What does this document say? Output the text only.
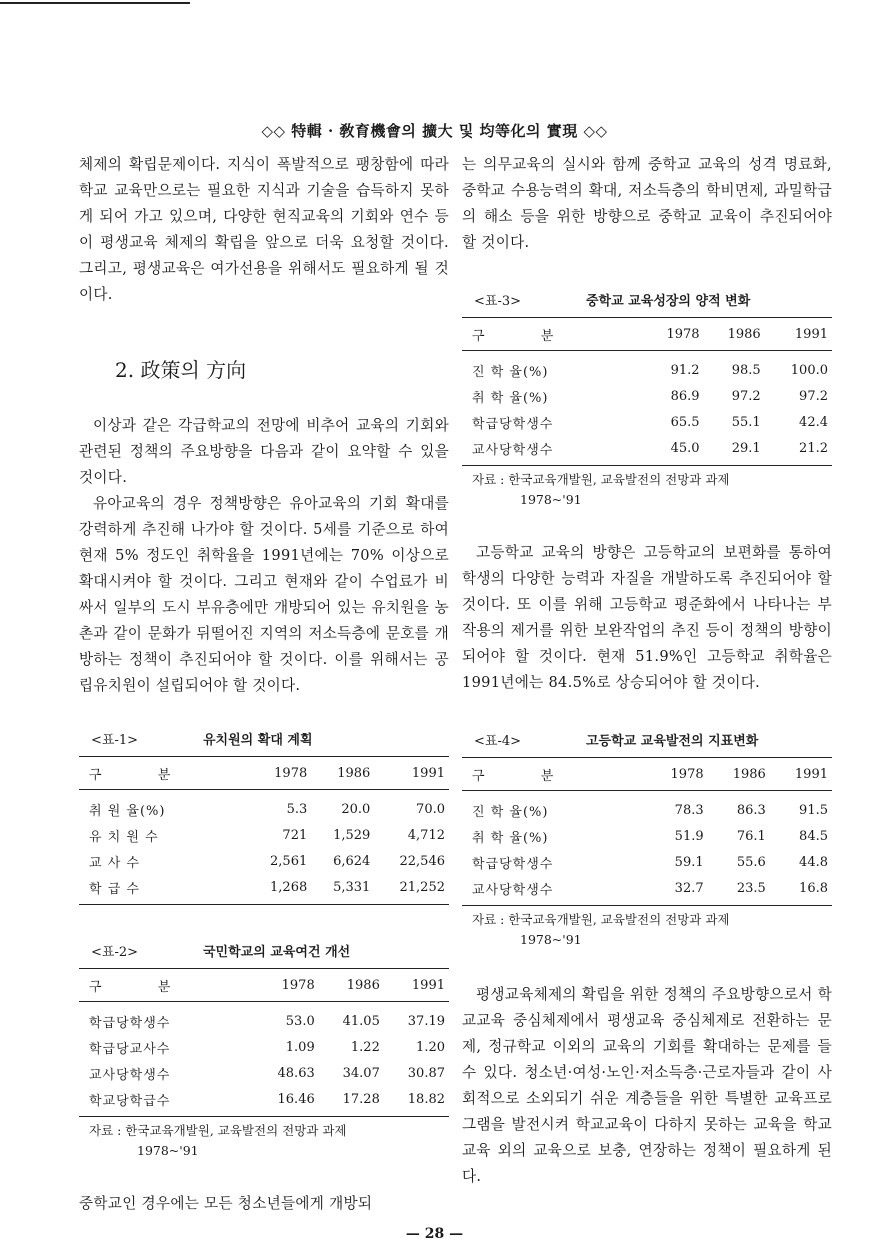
◇◇ 特輯 · 敎育機會의 擴大 및 均等化의 實現 ◇◇

체제의 확립문제이다. 지식이 폭발적으로 팽창함에 따라 학교 교육만으로는 필요한 지식과 기술을 습득하지 못하게 되어 가고 있으며, 다양한 현직교육의 기회와 연수 등이 평생교육 체제의 확립을 앞으로 더욱 요청할 것이다. 그리고, 평생교육은 여가선용을 위해서도 필요하게 될 것이다.

2. 政策의 方向

이상과 같은 각급학교의 전망에 비추어 교육의 기회와 관련된 정책의 주요방향을 다음과 같이 요약할 수 있을 것이다.

유아교육의 경우 정책방향은 유아교육의 기회 확대를 강력하게 추진해 나가야 할 것이다. 5세를 기준으로 하여 현재 5% 정도인 취학율을 1991년에는 70% 이상으로 확대시켜야 할 것이다. 그리고 현재와 같이 수업료가 비싸서 일부의 도시 부유층에만 개방되어 있는 유치원을 농촌과 같이 문화가 뒤떨어진 지역의 저소득층에 문호를 개방하는 정책이 추진되어야 할 것이다. 이를 위해서는 공립유치원이 설립되어야 할 것이다.

<표-1>	유치원의 확대 계획
구 분	1978	1986	1991
취 원 율(%)	5.3	20.0	70.0
유 치 원 수	721	1,529	4,712
교 사 수	2,561	6,624	22,546
학 급 수	1,268	5,331	21,252
<표-2>	국민학교의 교육여건 개선
구 분	1978	1986	1991
학급당학생수	53.0	41.05	37.19
학급당교사수	1.09	1.22	1.20
교사당학생수	48.63	34.07	30.87
학교당학급수	16.46	17.28	18.82
자료 : 한국교육개발원, 교육발전의 전망과 과제
1978~'91

중학교인 경우에는 모든 청소년들에게 개방되

는 의무교육의 실시와 함께 중학교 교육의 성격 명료화, 중학교 수용능력의 확대, 저소득층의 학비면제, 과밀학급의 해소 등을 위한 방향으로 중학교 교육이 추진되어야 할 것이다.

<표-3>	중학교 교육성장의 양적 변화
구 분	1978	1986	1991
진 학 율(%)	91.2	98.5	100.0
취 학 율(%)	86.9	97.2	97.2
학급당학생수	65.5	55.1	42.4
교사당학생수	45.0	29.1	21.2
자료 : 한국교육개발원, 교육발전의 전망과 과제
1978~'91

고등학교 교육의 방향은 고등학교의 보편화를 통하여 학생의 다양한 능력과 자질을 개발하도록 추진되어야 할 것이다. 또 이를 위해 고등학교 평준화에서 나타나는 부작용의 제거를 위한 보완작업의 추진 등이 정책의 방향이 되어야 할 것이다. 현재 51.9%인 고등학교 취학율은 1991년에는 84.5%로 상승되어야 할 것이다.

<표-4>	고등학교 교육발전의 지표변화
구 분	1978	1986	1991
진 학 율(%)	78.3	86.3	91.5
취 학 율(%)	51.9	76.1	84.5
학급당학생수	59.1	55.6	44.8
교사당학생수	32.7	23.5	16.8
자료 : 한국교육개발원, 교육발전의 전망과 과제
1978~'91

평생교육체제의 확립을 위한 정책의 주요방향으로서 학교교육 중심체제에서 평생교육 중심체제로 전환하는 문제, 정규학교 이외의 교육의 기회를 확대하는 문제를 들 수 있다. 청소년·여성·노인·저소득층·근로자들과 같이 사회적으로 소외되기 쉬운 계층들을 위한 특별한 교육프로그램을 발전시켜 학교교육이 다하지 못하는 교육을 학교교육 외의 교육으로 보충, 연장하는 정책이 필요하게 된다.

— 28 —
